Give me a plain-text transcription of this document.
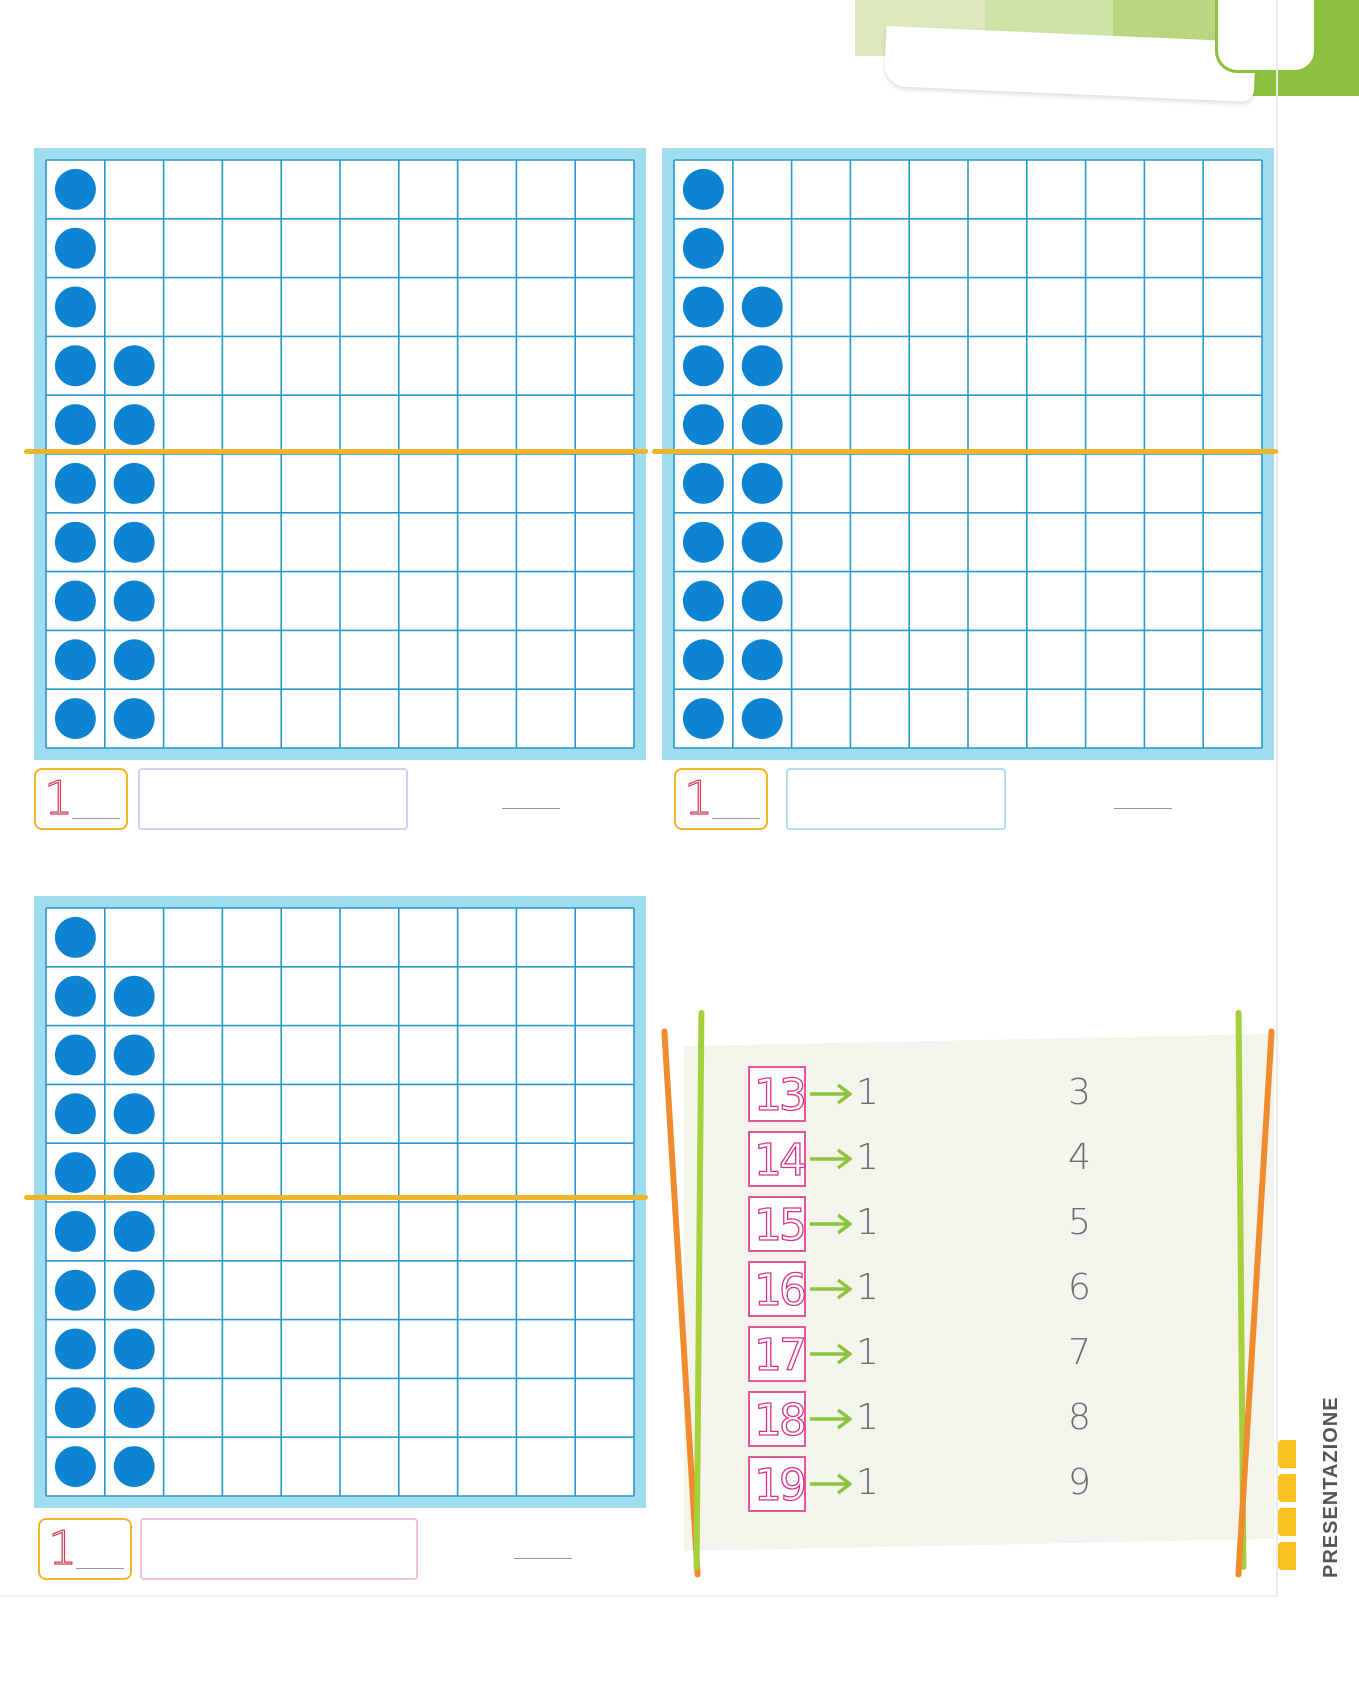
1	1
1
13 1	3
14 1	4
15 1	5
16 1	6
17 1	7
18 1	8
19 1	9	PRESENTAZIONE
